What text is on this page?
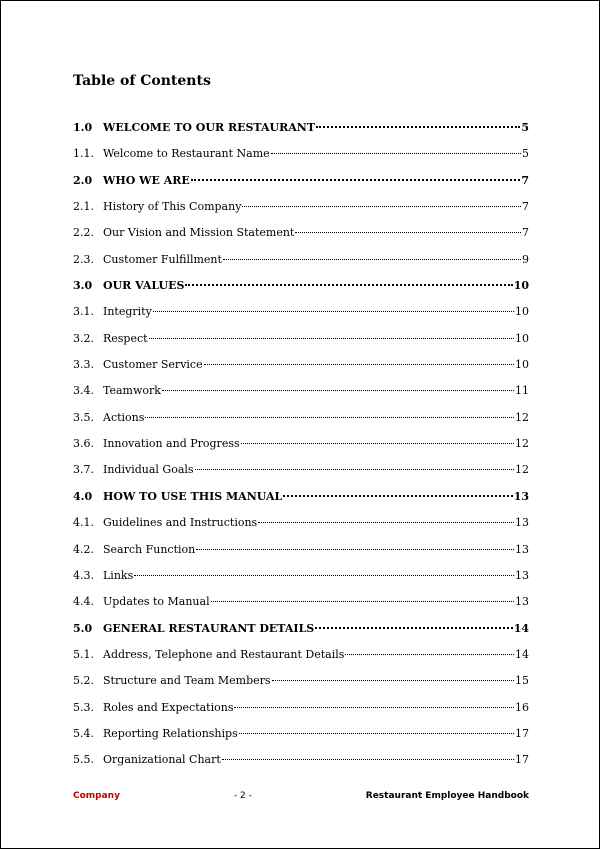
Table of Contents
1.0 WELCOME TO OUR RESTAURANT	5
1.1. Welcome to Restaurant Name	5
2.0 WHO WE ARE	7
2.1. History of This Company	7
2.2. Our Vision and Mission Statement	7
2.3. Customer Fulfillment	9
3.0 OUR VALUES	10
3.1. Integrity	10
3.2. Respect	10
3.3. Customer Service	10
3.4. Teamwork	11
3.5. Actions	12
3.6. Innovation and Progress	12
3.7. Individual Goals	12
4.0 HOW TO USE THIS MANUAL	13
4.1. Guidelines and Instructions	13
4.2. Search Function	13
4.3. Links	13
4.4. Updates to Manual	13
5.0 GENERAL RESTAURANT DETAILS	14
5.1. Address, Telephone and Restaurant Details	14
5.2. Structure and Team Members	15
5.3. Roles and Expectations	16
5.4. Reporting Relationships	17
5.5. Organizational Chart	17
Company	- 2 -	Restaurant Employee Handbook
